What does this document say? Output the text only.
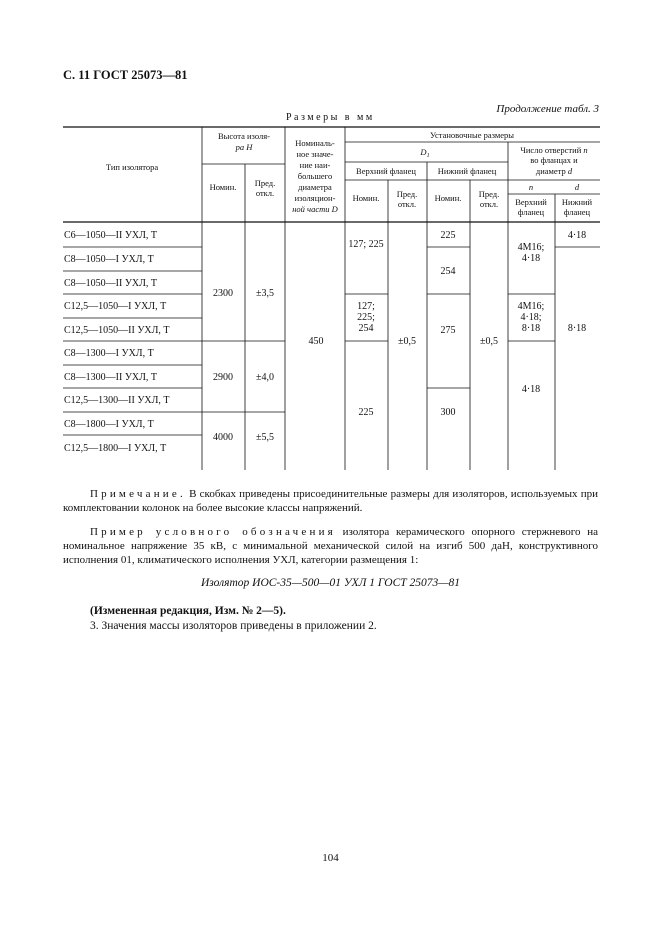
С. 11 ГОСТ 25073—81
Продолжение табл. 3
Размеры в мм
Тип изолятора
Высота изоля-
ра H
Номин. Пред.
откл.
Номиналь-
ное значе-
ние наи-
большего
диаметра
изоляцион-
ной части D
Установочные размеры
$D_1$
Верхний фланец	Нижний фланец
Номин. Пред.
откл.
Номин. Пред.
откл.
Число отверстий n
во фланцах и
диаметр d
n	d
Верхний
фланец
Нижний
фланец
С6—1050—II УХЛ, Т
С8—1050—I УХЛ, Т
С8—1050—II УХЛ, Т
С12,5—1050—I УХЛ, Т
С12,5—1050—II УХЛ, Т
С8—1300—I УХЛ, Т
С8—1300—II УХЛ, Т
С12,5—1300—II УХЛ, Т
С8—1800—I УХЛ, Т
С12,5—1800—I УХЛ, Т
2300 ±3,5
2900 ±4,0
4000 ±5,5
450
127; 225
127;
225;
254
225
±0,5
225
254
275
300
±0,5
4М16;
4·18
4М16;
4·18;
8·18
4·18
4·18
8·18
Примечание. В скобках приведены присоединительные размеры для изоляторов, используемых при комплектовании колонок на более высокие классы напряжений.
Пример условного обозначения изолятора керамического опорного стержневого на номинальное напряжение 35 кВ, с минимальной механической силой на изгиб 500 даН, конструктивного исполнения 01, климатического исполнения УХЛ, категории размещения 1:
Изолятор ИОС-35—500—01 УХЛ 1 ГОСТ 25073—81
(Измененная редакция, Изм. № 2—5).
3. Значения массы изоляторов приведены в приложении 2.
104
